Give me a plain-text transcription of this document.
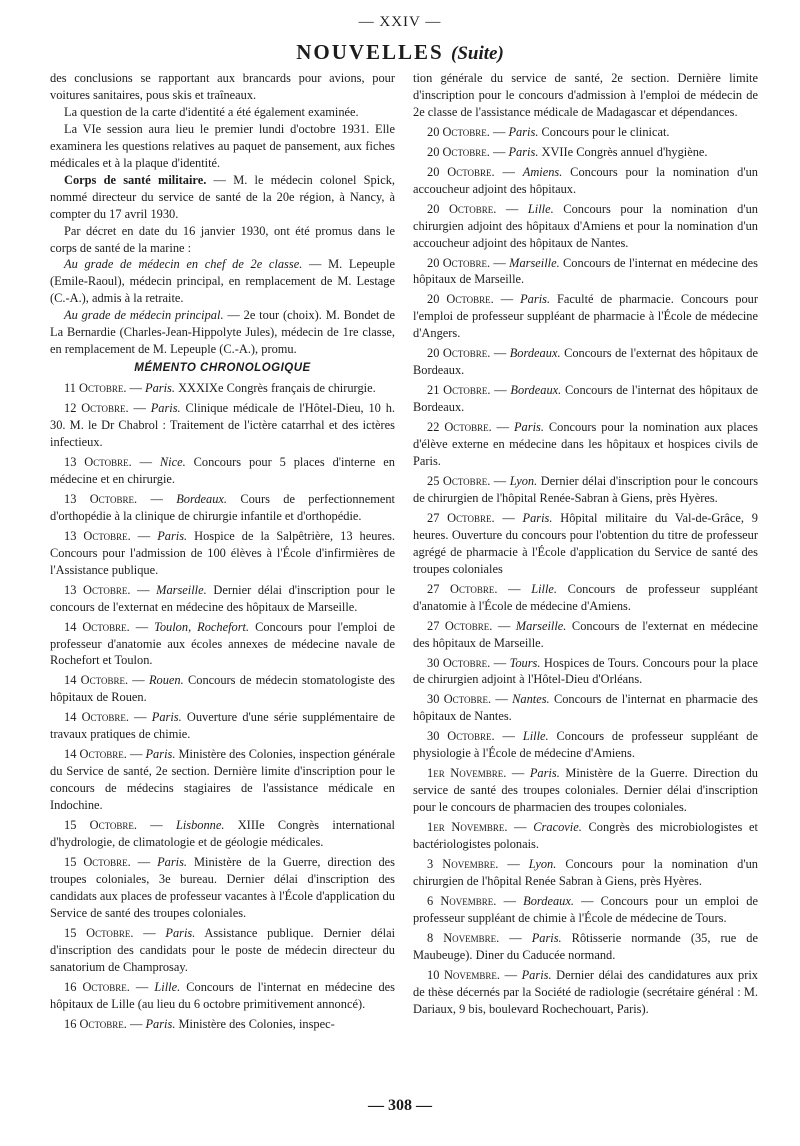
— XXIV —
NOUVELLES (Suite)

des conclusions se rapportant aux brancards pour avions, pour voitures sanitaires, pous skis et traîneaux.

La question de la carte d'identité a été également examinée.

La VIe session aura lieu le premier lundi d'octobre 1931. Elle examinera les questions relatives au paquet de pansement, aux fiches médicales et à la plaque d'identité.

Corps de santé militaire. — M. le médecin colonel Spick, nommé directeur du service de santé de la 20e région, à Nancy, à compter du 17 avril 1930.

Par décret en date du 16 janvier 1930, ont été promus dans le corps de santé de la marine :

Au grade de médecin en chef de 2e classe. — M. Lepeuple (Emile-Raoul), médecin principal, en remplacement de M. Lestage (C.-A.), admis à la retraite.

Au grade de médecin principal. — 2e tour (choix). M. Bondet de La Bernardie (Charles-Jean-Hippolyte Jules), médecin de 1re classe, en remplacement de M. Lepeuple (C.-A.), promu.

MÉMENTO CHRONOLOGIQUE

11 Octobre. — Paris. XXXIXe Congrès français de chirurgie.

12 Octobre. — Paris. Clinique médicale de l'Hôtel-Dieu, 10 h. 30. M. le Dr Chabrol : Traitement de l'ictère catarrhal et des ictères infectieux.

13 Octobre. — Nice. Concours pour 5 places d'interne en médecine et en chirurgie.

13 Octobre. — Bordeaux. Cours de perfectionnement d'orthopédie à la clinique de chirurgie infantile et d'orthopédie.

13 Octobre. — Paris. Hospice de la Salpêtrière, 13 heures. Concours pour l'admission de 100 élèves à l'École d'infirmières de l'Assistance publique.

13 Octobre. — Marseille. Dernier délai d'inscription pour le concours de l'externat en médecine des hôpitaux de Marseille.

14 Octobre. — Toulon, Rochefort. Concours pour l'emploi de professeur d'anatomie aux écoles annexes de médecine navale de Rochefort et Toulon.

14 Octobre. — Rouen. Concours de médecin stomatologiste des hôpitaux de Rouen.

14 Octobre. — Paris. Ouverture d'une série supplémentaire de travaux pratiques de chimie.

14 Octobre. — Paris. Ministère des Colonies, inspection générale du Service de santé, 2e section. Dernière limite d'inscription pour le concours de médecins stagiaires de l'assistance médicale en Indochine.

15 Octobre. — Lisbonne. XIIIe Congrès international d'hydrologie, de climatologie et de géologie médicales.

15 Octobre. — Paris. Ministère de la Guerre, direction des troupes coloniales, 3e bureau. Dernier délai d'inscription des candidats aux places de professeur vacantes à l'École d'application du Service de santé des troupes coloniales.

15 Octobre. — Paris. Assistance publique. Dernier délai d'inscription des candidats pour le poste de médecin directeur du sanatorium de Champrosay.

16 Octobre. — Lille. Concours de l'internat en médecine des hôpitaux de Lille (au lieu du 6 octobre primitivement annoncé).

16 Octobre. — Paris. Ministère des Colonies, inspec-

tion générale du service de santé, 2e section. Dernière limite d'inscription pour le concours d'admission à l'emploi de médecin de 2e classe de l'assistance médicale de Madagascar et dépendances.

20 Octobre. — Paris. Concours pour le clinicat.

20 Octobre. — Paris. XVIIe Congrès annuel d'hygiène.

20 Octobre. — Amiens. Concours pour la nomination d'un accoucheur adjoint des hôpitaux.

20 Octobre. — Lille. Concours pour la nomination d'un chirurgien adjoint des hôpitaux d'Amiens et pour la nomination d'un accoucheur adjoint des hôpitaux de Nantes.

20 Octobre. — Marseille. Concours de l'internat en médecine des hôpitaux de Marseille.

20 Octobre. — Paris. Faculté de pharmacie. Concours pour l'emploi de professeur suppléant de pharmacie à l'École de médecine d'Angers.

20 Octobre. — Bordeaux. Concours de l'externat des hôpitaux de Bordeaux.

21 Octobre. — Bordeaux. Concours de l'internat des hôpitaux de Bordeaux.

22 Octobre. — Paris. Concours pour la nomination aux places d'élève externe en médecine dans les hôpitaux et hospices civils de Paris.

25 Octobre. — Lyon. Dernier délai d'inscription pour le concours de chirurgien de l'hôpital Renée-Sabran à Giens, près Hyères.

27 Octobre. — Paris. Hôpital militaire du Val-de-Grâce, 9 heures. Ouverture du concours pour l'obtention du titre de professeur agrégé de pharmacie à l'École d'application du Service de santé des troupes coloniales

27 Octobre. — Lille. Concours de professeur suppléant d'anatomie à l'École de médecine d'Amiens.

27 Octobre. — Marseille. Concours de l'externat en médecine des hôpitaux de Marseille.

30 Octobre. — Tours. Hospices de Tours. Concours pour la place de chirurgien adjoint à l'Hôtel-Dieu d'Orléans.

30 Octobre. — Nantes. Concours de l'internat en pharmacie des hôpitaux de Nantes.

30 Octobre. — Lille. Concours de professeur suppléant de physiologie à l'École de médecine d'Amiens.

1er Novembre. — Paris. Ministère de la Guerre. Direction du service de santé des troupes coloniales. Dernier délai d'inscription pour le concours de pharmacien des troupes coloniales.

1er Novembre. — Cracovie. Congrès des microbiologistes et bactériologistes polonais.

3 Novembre. — Lyon. Concours pour la nomination d'un chirurgien de l'hôpital Renée Sabran à Giens, près Hyères.

6 Novembre. — Bordeaux. — Concours pour un emploi de professeur suppléant de chimie à l'École de médecine de Tours.

8 Novembre. — Paris. Rôtisserie normande (35, rue de Maubeuge). Diner du Caducée normand.

10 Novembre. — Paris. Dernier délai des candidatures aux prix de thèse décernés par la Société de radiologie (secrétaire général : M. Dariaux, 9 bis, boulevard Rochechouart, Paris).

— 308 —
